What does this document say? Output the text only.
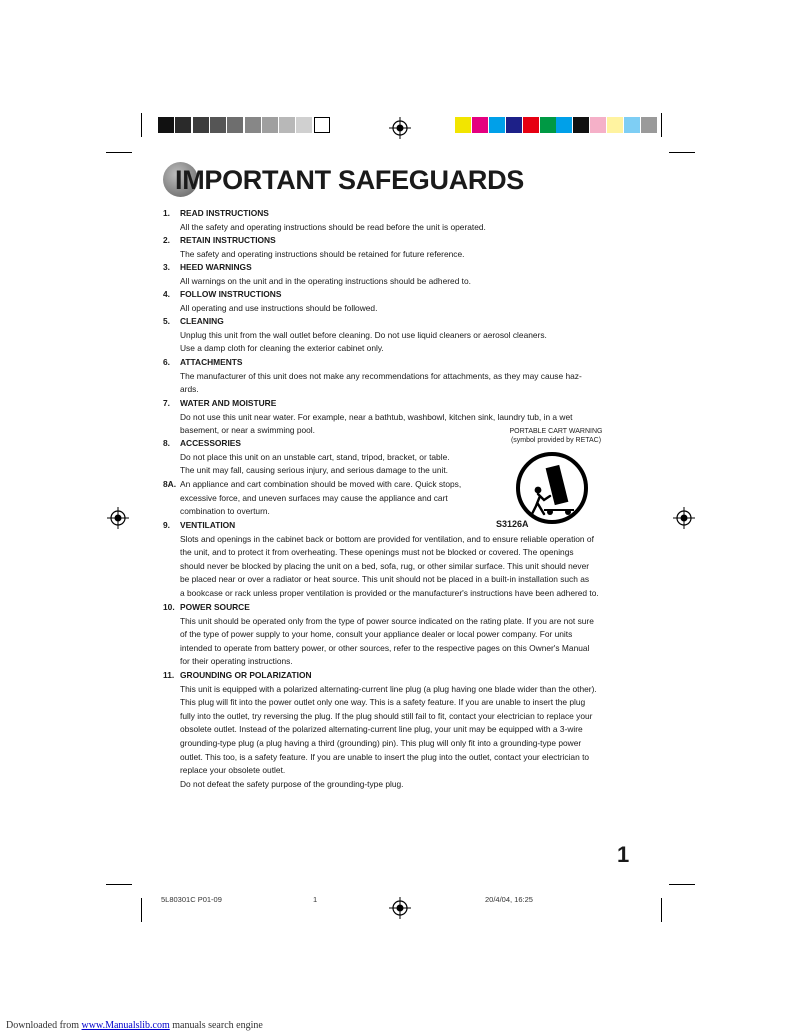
IMPORTANT SAFEGUARDS
1. READ INSTRUCTIONS
All the safety and operating instructions should be read before the unit is operated.
2. RETAIN INSTRUCTIONS
The safety and operating instructions should be retained for future reference.
3. HEED WARNINGS
All warnings on the unit and in the operating instructions should be adhered to.
4. FOLLOW INSTRUCTIONS
All operating and use instructions should be followed.
5. CLEANING
Unplug this unit from the wall outlet before cleaning. Do not use liquid cleaners or aerosol cleaners.
Use a damp cloth for cleaning the exterior cabinet only.
6. ATTACHMENTS
The manufacturer of this unit does not make any recommendations for attachments, as they may cause haz-
ards.
7. WATER AND MOISTURE
Do not use this unit near water. For example, near a bathtub, washbowl, kitchen sink, laundry tub, in a wet
basement, or near a swimming pool.
8. ACCESSORIES
Do not place this unit on an unstable cart, stand, tripod, bracket, or table.
The unit may fall, causing serious injury, and serious damage to the unit.
8A. An appliance and cart combination should be moved with care. Quick stops,
excessive force, and uneven surfaces may cause the appliance and cart
combination to overturn.
9. VENTILATION
Slots and openings in the cabinet back or bottom are provided for ventilation, and to ensure reliable operation of
the unit, and to protect it from overheating. These openings must not be blocked or covered. The openings
should never be blocked by placing the unit on a bed, sofa, rug, or other similar surface. This unit should never
be placed near or over a radiator or heat source. This unit should not be placed in a built-in installation such as
a bookcase or rack unless proper ventilation is provided or the manufacturer's instructions have been adhered to.
10. POWER SOURCE
This unit should be operated only from the type of power source indicated on the rating plate. If you are not sure
of the type of power supply to your home, consult your appliance dealer or local power company. For units
intended to operate from battery power, or other sources, refer to the respective pages on this Owner's Manual
for their operating instructions.
11. GROUNDING OR POLARIZATION
This unit is equipped with a polarized alternating-current line plug (a plug having one blade wider than the other).
This plug will fit into the power outlet only one way. This is a safety feature. If you are unable to insert the plug
fully into the outlet, try reversing the plug. If the plug should still fail to fit, contact your electrician to replace your
obsolete outlet. Instead of the polarized alternating-current line plug, your unit may be equipped with a 3-wire
grounding-type plug (a plug having a third (grounding) pin). This plug will only fit into a grounding-type power
outlet. This too, is a safety feature. If you are unable to insert the plug into the outlet, contact your electrician to
replace your obsolete outlet.
Do not defeat the safety purpose of the grounding-type plug.
PORTABLE CART WARNING
(symbol provided by RETAC)
S3126A
1
5L80301C P01-09	1	20/4/04, 16:25
Downloaded from www.Manualslib.com manuals search engine
